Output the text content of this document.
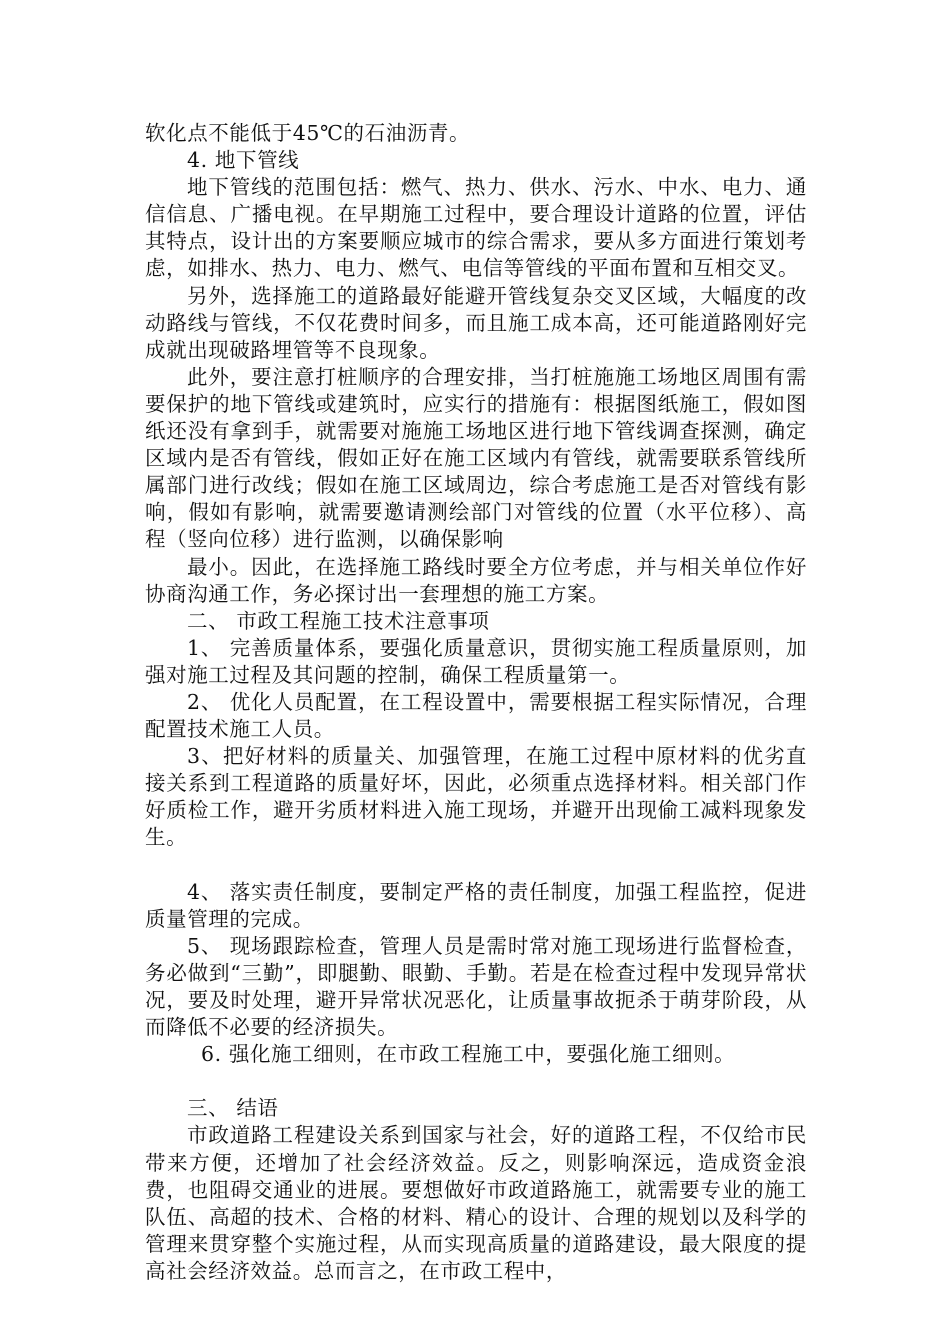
软化点不能低于45℃的石油沥青。

4. 地下管线

地下管线的范围包括：燃气、热力、供水、污水、中水、电力、通信信息、广播电视。在早期施工过程中，要合理设计道路的位置，评估其特点，设计出的方案要顺应城市的综合需求，要从多方面进行策划考虑，如排水、热力、电力、燃气、电信等管线的平面布置和互相交叉。

另外，选择施工的道路最好能避开管线复杂交叉区域，大幅度的改动路线与管线，不仅花费时间多，而且施工成本高，还可能道路刚好完成就出现破路埋管等不良现象。

此外，要注意打桩顺序的合理安排，当打桩施施工场地区周围有需要保护的地下管线或建筑时，应实行的措施有：根据图纸施工，假如图纸还没有拿到手，就需要对施施工场地区进行地下管线调查探测，确定区域内是否有管线，假如正好在施工区域内有管线，就需要联系管线所属部门进行改线；假如在施工区域周边，综合考虑施工是否对管线有影响，假如有影响，就需要邀请测绘部门对管线的位置（水平位移）、高程（竖向位移）进行监测，以确保影响

最小。因此，在选择施工路线时要全方位考虑，并与相关单位作好协商沟通工作，务必探讨出一套理想的施工方案。

二、 市政工程施工技术注意事项

1、 完善质量体系，要强化质量意识，贯彻实施工程质量原则，加强对施工过程及其问题的控制，确保工程质量第一。

2、 优化人员配置，在工程设置中，需要根据工程实际情况，合理配置技术施工人员。

3、把好材料的质量关、加强管理，在施工过程中原材料的优劣直接关系到工程道路的质量好坏，因此，必须重点选择材料。相关部门作好质检工作，避开劣质材料进入施工现场，并避开出现偷工减料现象发生。

4、 落实责任制度，要制定严格的责任制度，加强工程监控，促进质量管理的完成。

5、 现场跟踪检查，管理人员是需时常对施工现场进行监督检查，务必做到“三勤”，即腿勤、眼勤、手勤。若是在检查过程中发现异常状况，要及时处理，避开异常状况恶化，让质量事故扼杀于萌芽阶段，从而降低不必要的经济损失。

6. 强化施工细则，在市政工程施工中，要强化施工细则。

三、 结语

市政道路工程建设关系到国家与社会，好的道路工程，不仅给市民带来方便，还增加了社会经济效益。反之，则影响深远，造成资金浪费，也阻碍交通业的进展。要想做好市政道路施工，就需要专业的施工队伍、高超的技术、合格的材料、精心的设计、合理的规划以及科学的管理来贯穿整个实施过程，从而实现高质量的道路建设，最大限度的提高社会经济效益。总而言之，在市政工程中，
